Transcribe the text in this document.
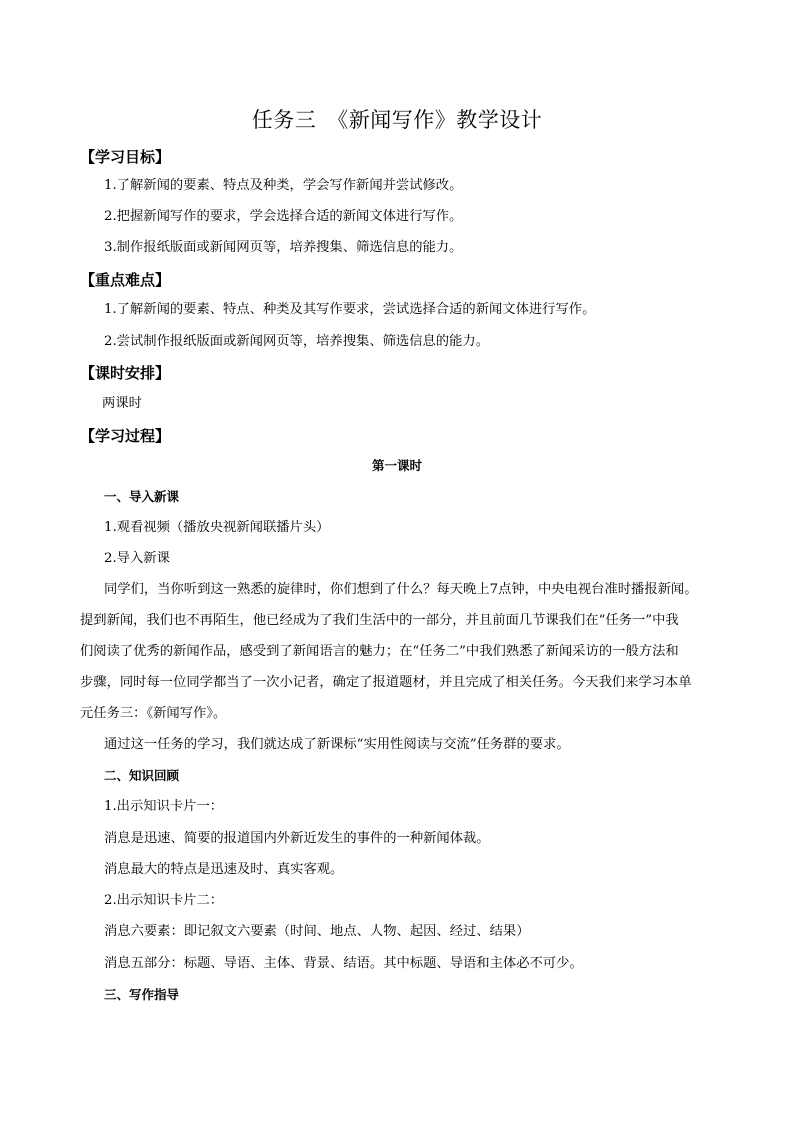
任务三　《新闻写作》教学设计
【学习目标】
1.了解新闻的要素、特点及种类，学会写作新闻并尝试修改。
2.把握新闻写作的要求，学会选择合适的新闻文体进行写作。
3.制作报纸版面或新闻网页等，培养搜集、筛选信息的能力。
【重点难点】
1.了解新闻的要素、特点、种类及其写作要求，尝试选择合适的新闻文体进行写作。
2.尝试制作报纸版面或新闻网页等，培养搜集、筛选信息的能力。
【课时安排】
两课时
【学习过程】
第一课时
一、导入新课
1.观看视频（播放央视新闻联播片头）
2.导入新课
同学们，当你听到这一熟悉的旋律时，你们想到了什么？每天晚上7点钟，中央电视台准时播报新闻。
提到新闻，我们也不再陌生，他已经成为了我们生活中的一部分，并且前面几节课我们在“任务一”中我
们阅读了优秀的新闻作品，感受到了新闻语言的魅力；在“任务二”中我们熟悉了新闻采访的一般方法和
步骤，同时每一位同学都当了一次小记者，确定了报道题材，并且完成了相关任务。今天我们来学习本单
元任务三：《新闻写作》。
通过这一任务的学习，我们就达成了新课标“实用性阅读与交流”任务群的要求。
二、知识回顾
1.出示知识卡片一：
消息是迅速、简要的报道国内外新近发生的事件的一种新闻体裁。
消息最大的特点是迅速及时、真实客观。
2.出示知识卡片二：
消息六要素：即记叙文六要素（时间、地点、人物、起因、经过、结果）
消息五部分：标题、导语、主体、背景、结语。其中标题、导语和主体必不可少。
三、写作指导
